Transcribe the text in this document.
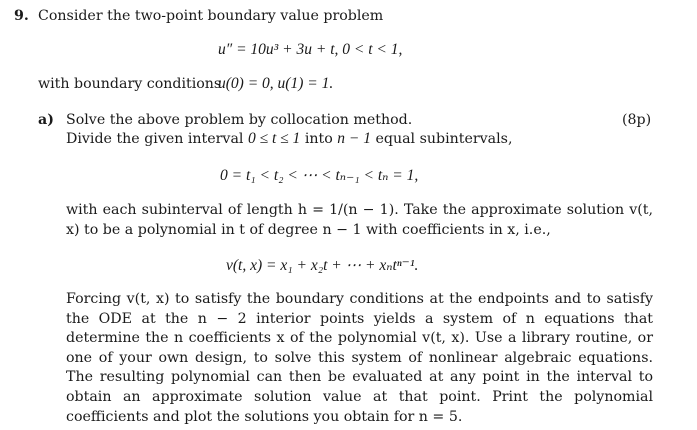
9. Consider the two-point boundary value problem
u″ = 10u³ + 3u + t, 0 < t < 1,
with boundary conditions
u(0) = 0, u(1) = 1.
a) Solve the above problem by collocation method.	(8p)
Divide the given interval 0 ≤ t ≤ 1 into n − 1 equal subintervals,
0 = t₁ < t₂ < ⋯ < tₙ₋₁ < tₙ = 1,
with each subinterval of length h = 1/(n − 1). Take the approximate solution v(t, x) to be a polynomial in t of degree n − 1 with coefficients in x, i.e.,
v(t, x) = x₁ + x₂t + ⋯ + xₙtⁿ⁻¹.
Forcing v(t, x) to satisfy the boundary conditions at the endpoints and to satisfy the ODE at the n − 2 interior points yields a system of n equations that determine the n coefficients x of the polynomial v(t, x). Use a library routine, or one of your own design, to solve this system of nonlinear algebraic equations. The resulting polynomial can then be evaluated at any point in the interval to obtain an approximate solution value at that point. Print the polynomial coefficients and plot the solutions you obtain for n = 5.
